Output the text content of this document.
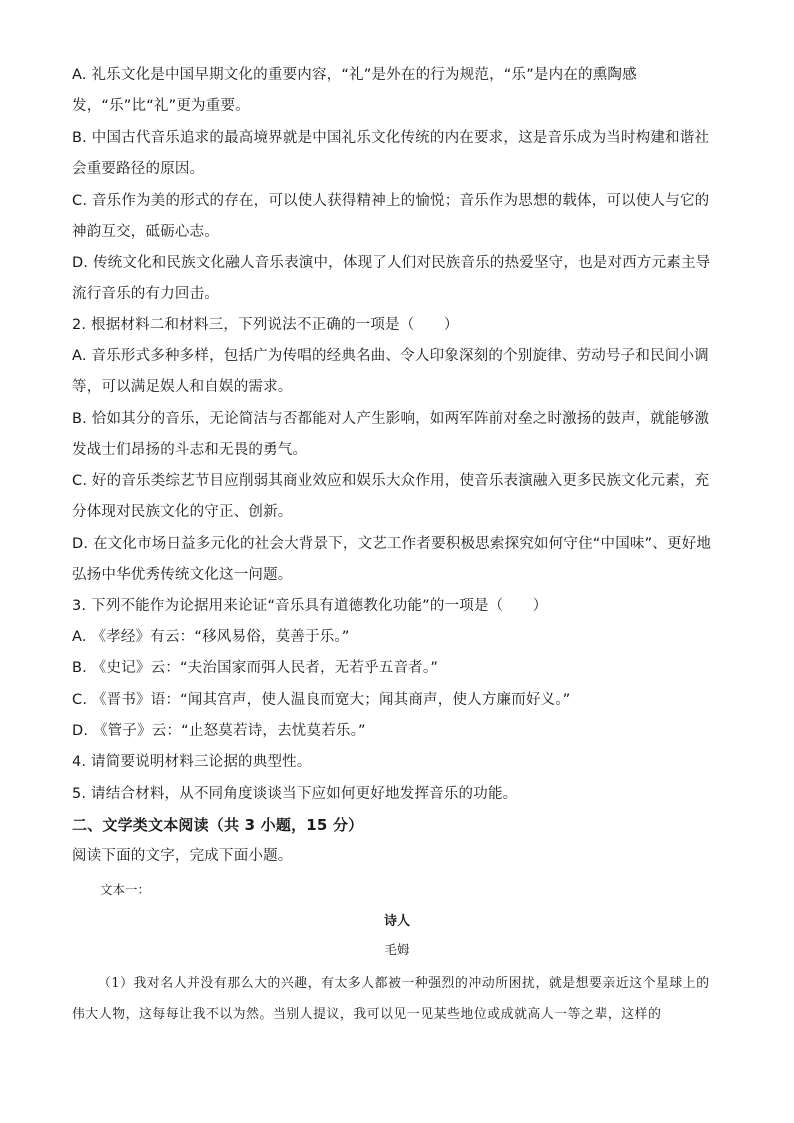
A. 礼乐文化是中国早期文化的重要内容，“礼”是外在的行为规范，“乐”是内在的熏陶感发，“乐”比“礼”更为重要。

B. 中国古代音乐追求的最高境界就是中国礼乐文化传统的内在要求，这是音乐成为当时构建和谐社会重要路径的原因。

C. 音乐作为美的形式的存在，可以使人获得精神上的愉悦；音乐作为思想的载体，可以使人与它的神韵互交，砥砺心志。

D. 传统文化和民族文化融人音乐表演中，体现了人们对民族音乐的热爱坚守，也是对西方元素主导流行音乐的有力回击。

2. 根据材料二和材料三，下列说法不正确的一项是（　　）

A. 音乐形式多种多样，包括广为传唱的经典名曲、令人印象深刻的个别旋律、劳动号子和民间小调等，可以满足娱人和自娱的需求。

B. 恰如其分的音乐，无论简洁与否都能对人产生影响，如两军阵前对垒之时激扬的鼓声，就能够激发战士们昂扬的斗志和无畏的勇气。

C. 好的音乐类综艺节目应削弱其商业效应和娱乐大众作用，使音乐表演融入更多民族文化元素，充分体现对民族文化的守正、创新。

D. 在文化市场日益多元化的社会大背景下，文艺工作者要积极思索探究如何守住“中国味”、更好地弘扬中华优秀传统文化这一问题。

3. 下列不能作为论据用来论证“音乐具有道德教化功能”的一项是（　　）

A. 《孝经》有云：“移风易俗，莫善于乐。”

B. 《史记》云：“夫治国家而弭人民者，无若乎五音者。”

C. 《晋书》语：“闻其宫声，使人温良而宽大；闻其商声，使人方廉而好义。”

D. 《管子》云：“止怒莫若诗，去忧莫若乐。”

4. 请简要说明材料三论据的典型性。

5. 请结合材料，从不同角度谈谈当下应如何更好地发挥音乐的功能。

二、文学类文本阅读（共 3 小题，15 分）

阅读下面的文字，完成下面小题。

文本一：
诗人
毛姆

（1）我对名人并没有那么大的兴趣，有太多人都被一种强烈的冲动所困扰，就是想要亲近这个星球上的伟大人物，这每每让我不以为然。当别人提议，我可以见一见某些地位或成就高人一等之辈，这样的
